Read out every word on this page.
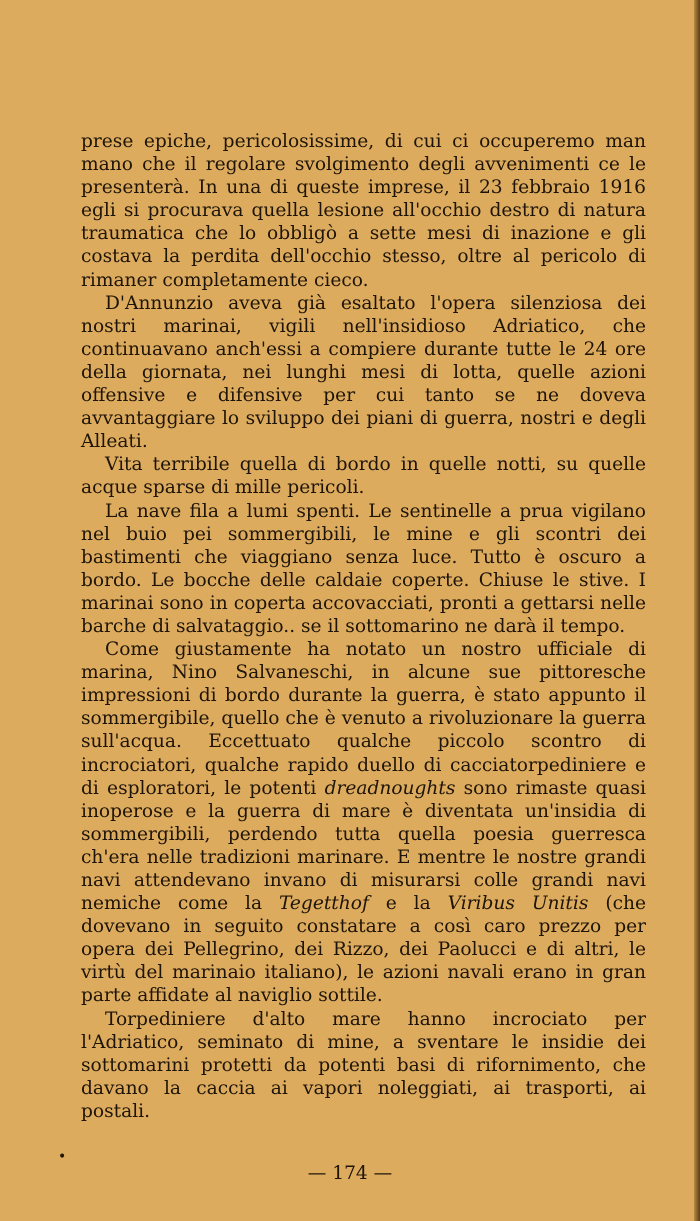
prese epiche, pericolosissime, di cui ci occuperemo man mano che il regolare svolgimento degli avvenimenti ce le presenterà. In una di queste imprese, il 23 febbraio 1916 egli si procurava quella lesione all'occhio destro di natura traumatica che lo obbligò a sette mesi di inazione e gli costava la perdita dell'occhio stesso, oltre al pericolo di rimaner completamente cieco.

D'Annunzio aveva già esaltato l'opera silenziosa dei nostri marinai, vigili nell'insidioso Adriatico, che continuavano anch'essi a compiere durante tutte le 24 ore della giornata, nei lunghi mesi di lotta, quelle azioni offensive e difensive per cui tanto se ne doveva avvantaggiare lo sviluppo dei piani di guerra, nostri e degli Alleati.

Vita terribile quella di bordo in quelle notti, su quelle acque sparse di mille pericoli.

La nave fila a lumi spenti. Le sentinelle a prua vigilano nel buio pei sommergibili, le mine e gli scontri dei bastimenti che viaggiano senza luce. Tutto è oscuro a bordo. Le bocche delle caldaie coperte. Chiuse le stive. I marinai sono in coperta accovacciati, pronti a gettarsi nelle barche di salvataggio.. se il sottomarino ne darà il tempo.

Come giustamente ha notato un nostro ufficiale di marina, Nino Salvaneschi, in alcune sue pittoresche impressioni di bordo durante la guerra, è stato appunto il sommergibile, quello che è venuto a rivoluzionare la guerra sull'acqua. Eccettuato qualche piccolo scontro di incrociatori, qualche rapido duello di cacciatorpediniere e di esploratori, le potenti dreadnoughts sono rimaste quasi inoperose e la guerra di mare è diventata un'insidia di sommergibili, perdendo tutta quella poesia guerresca ch'era nelle tradizioni marinare. E mentre le nostre grandi navi attendevano invano di misurarsi colle grandi navi nemiche come la Tegetthof e la Viribus Unitis (che dovevano in seguito constatare a così caro prezzo per opera dei Pellegrino, dei Rizzo, dei Paolucci e di altri, le virtù del marinaio italiano), le azioni navali erano in gran parte affidate al naviglio sottile.

Torpediniere d'alto mare hanno incrociato per l'Adriatico, seminato di mine, a sventare le insidie dei sottomarini protetti da potenti basi di rifornimento, che davano la caccia ai vapori noleggiati, ai trasporti, ai postali.

•
— 174 —
